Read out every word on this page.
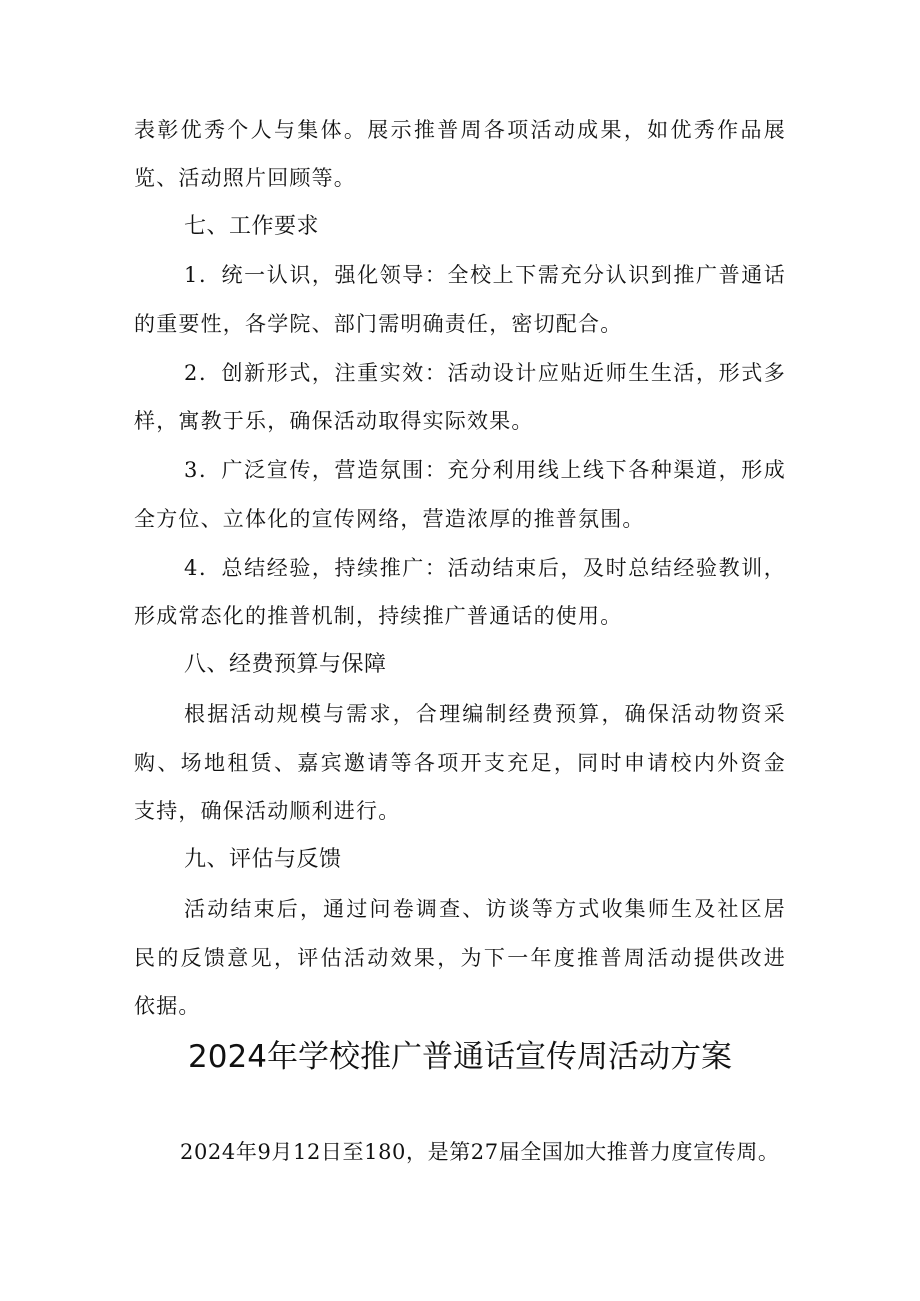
表彰优秀个人与集体。展示推普周各项活动成果，如优秀作品展
览、活动照片回顾等。
七、工作要求
1．统一认识，强化领导：全校上下需充分认识到推广普通话
的重要性，各学院、部门需明确责任，密切配合。
2．创新形式，注重实效：活动设计应贴近师生生活，形式多
样，寓教于乐，确保活动取得实际效果。
3．广泛宣传，营造氛围：充分利用线上线下各种渠道，形成
全方位、立体化的宣传网络，营造浓厚的推普氛围。
4．总结经验，持续推广：活动结束后，及时总结经验教训，
形成常态化的推普机制，持续推广普通话的使用。
八、经费预算与保障
根据活动规模与需求，合理编制经费预算，确保活动物资采
购、场地租赁、嘉宾邀请等各项开支充足，同时申请校内外资金
支持，确保活动顺利进行。
九、评估与反馈
活动结束后，通过问卷调查、访谈等方式收集师生及社区居
民的反馈意见，评估活动效果，为下一年度推普周活动提供改进
依据。
2024年学校推广普通话宣传周活动方案
2024年9月12日至180，是第27届全国加大推普力度宣传周。
